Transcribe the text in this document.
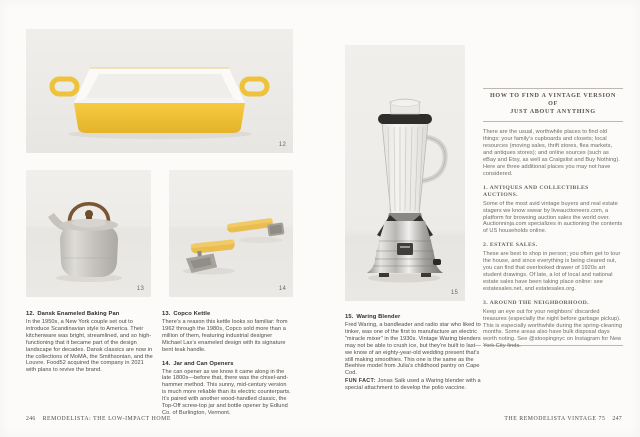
12
13	14
15
12. Dansk Enameled Baking Pan

In the 1950s, a New York couple set out to introduce Scandinavian style to America. Their kitchenware was bright, streamlined, and so high-functioning that it became part of the design landscape for decades. Dansk classics are now in the collections of MoMA, the Smithsonian, and the Louvre. Food52 acquired the company in 2021 with plans to revive the brand.

13. Copco Kettle

There’s a reason this kettle looks so familiar: from 1962 through the 1980s, Copco sold more than a million of them, featuring industrial designer Michael Lax’s enameled design with its signature bent teak handle.

14. Jar and Can Openers

The can opener as we know it came along in the late 1800s—before that, there was the chisel-and-hammer method. This sunny, mid-century version is much more reliable than its electric counterparts. It’s paired with another wood-handled classic, the Top-Off screw-top jar and bottle opener by Edlund Co. of Burlington, Vermont.

15. Waring Blender

Fred Waring, a bandleader and radio star who liked to tinker, was one of the first to manufacture an electric “miracle mixer” in the 1930s. Vintage Waring blenders may not be able to crush ice, but they’re built to last—we know of an eighty-year-old wedding present that’s still making smoothies. This one is the same as the Beehive model from Julia’s childhood pantry on Cape Cod.

FUN FACT: Jonas Salk used a Waring blender with a special attachment to develop the polio vaccine.

HOW TO FIND A VINTAGE VERSION OF
JUST ABOUT ANYTHING

There are the usual, worthwhile places to find old things: your family’s cupboards and closets; local resources (moving sales, thrift stores, flea markets, and antiques stores); and online sources (such as eBay and Etsy, as well as Craigslist and Buy Nothing). Here are three additional places you may not have considered.

1. ANTIQUES AND COLLECTIBLES AUCTIONS.

Some of the most avid vintage buyers and real estate stagers we know swear by liveauctioneers.com, a platform for browsing auction sales the world over. Auctionninja.com specializes in auctioning the contents of US households online.

2. ESTATE SALES.

These are best to shop in person; you often get to tour the house, and since everything is being cleared out, you can find that overlooked drawer of 1920s art student drawings. Of late, a lot of local and national estate sales have been taking place online: see estatesales.net, and estatesales.org.

3. AROUND THE NEIGHBORHOOD.

Keep an eye out for your neighbors’ discarded treasures (especially the night before garbage pickup). This is especially worthwhile during the spring-cleaning months. Some areas also have bulk disposal days worth noting. See @stoopingnyc on Instagram for New York City finds.

246 REMODELISTA: THE LOW-IMPACT HOME	THE REMODELISTA VINTAGE 75 247
